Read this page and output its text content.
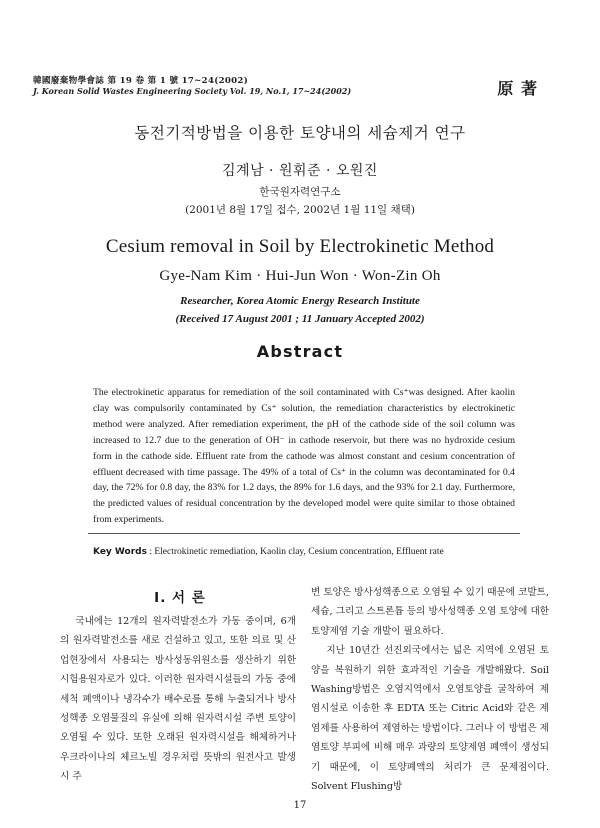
韓國廢棄物學會誌 第 19 卷 第 1 號 17~24(2002)
J. Korean Solid Wastes Engineering Society Vol. 19, No.1, 17~24(2002)	原 著
동전기적방법을 이용한 토양내의 세슘제거 연구
김계남 · 원휘준 · 오원진
한국원자력연구소
(2001년 8월 17일 접수, 2002년 1월 11일 채택)
Cesium removal in Soil by Electrokinetic Method
Gye-Nam Kim · Hui-Jun Won · Won-Zin Oh
Researcher, Korea Atomic Energy Research Institute
(Received 17 August 2001 ; 11 January Accepted 2002)
Abstract
The electrokinetic apparatus for remediation of the soil contaminated with Cs⁺was designed. After kaolin clay was compulsorily contaminated by Cs⁺ solution, the remediation characteristics by electrokinetic method were analyzed. After remediation experiment, the pH of the cathode side of the soil column was increased to 12.7 due to the generation of OH⁻ in cathode reservoir, but there was no hydroxide cesium form in the cathode side. Effluent rate from the cathode was almost constant and cesium concentration of effluent decreased with time passage. The 49% of a total of Cs⁺ in the column was decontaminated for 0.4 day, the 72% for 0.8 day, the 83% for 1.2 days, the 89% for 1.6 days, and the 93% for 2.1 day. Furthermore, the predicted values of residual concentration by the developed model were quite similar to those obtained from experiments.
Key Words : Electrokinetic remediation, Kaolin clay, Cesium concentration, Effluent rate
Ⅰ. 서 론

국내에는 12개의 원자력발전소가 가동 중이며, 6개의 원자력발전소를 새로 건설하고 있고, 또한 의료 및 산업현장에서 사용되는 방사성동위원소를 생산하기 위한 시험용원자로가 있다. 이러한 원자력시설들의 가동 중에 세척 폐액이나 냉각수가 배수로를 통해 누출되거나 방사성핵종 오염물질의 유실에 의해 원자력시설 주변 토양이 오염될 수 있다. 또한 오래된 원자력시설을 해체하거나 우크라이나의 체르노빌 경우처럼 뜻밖의 원전사고 발생시 주

변 토양은 방사성핵종으로 오염될 수 있기 때문에 코발트, 세슘, 그리고 스트론튬 등의 방사성핵종 오염 토양에 대한 토양제염 기술 개발이 필요하다.

지난 10년간 선진외국에서는 넓은 지역에 오염된 토양을 복원하기 위한 효과적인 기술을 개발해왔다. Soil Washing방법은 오염지역에서 오염토양을 굴착하여 제염시설로 이송한 후 EDTA 또는 Citric Acid와 같은 제염제를 사용하여 제염하는 방법이다. 그러나 이 방법은 제염토양 부피에 비해 매우 과량의 토양제염 폐액이 생성되기 때문에, 이 토양폐액의 처리가 큰 문제점이다. Solvent Flushing방

17
